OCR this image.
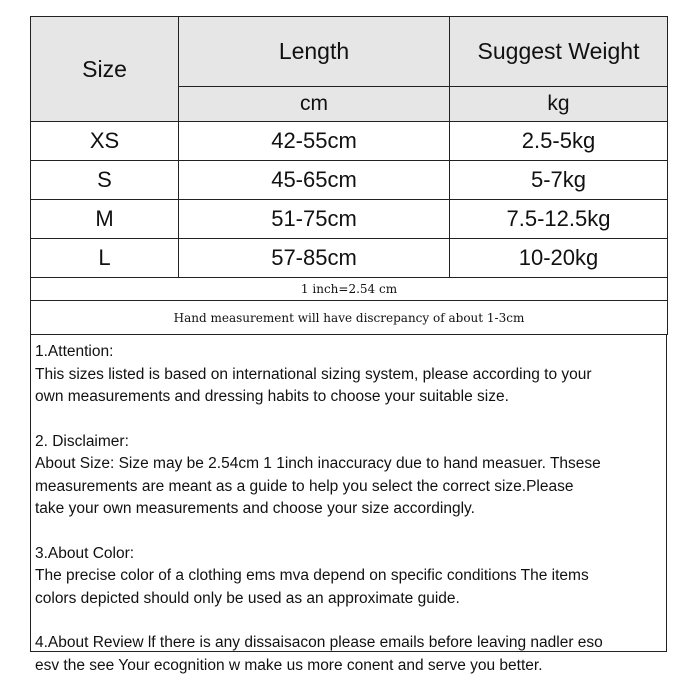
Size	Length	Suggest Weight
	cm	kg
XS	42-55cm	2.5-5kg
S	45-65cm	5-7kg
M	51-75cm	7.5-12.5kg
L	57-85cm	10-20kg
1 inch=2.54 cm		
Hand measurement will have discrepancy of about 1-3cm		
1.Attention:
This sizes listed is based on international sizing system, please according to your
own measurements and dressing habits to choose your suitable size.
2. Disclaimer:
About Size: Size may be 2.54cm 1 1inch inaccuracy due to hand measuer. Thsese
measurements are meant as a guide to help you select the correct size.Please
take your own measurements and choose your size accordingly.
3.About Color:
The precise color of a clothing ems mva depend on specific conditions The items
colors depicted should only be used as an approximate guide.
4.About Review lf there is any dissaisacon please emails before leaving nadler eso
esv the see Your ecognition w make us more conent and serve you better.
